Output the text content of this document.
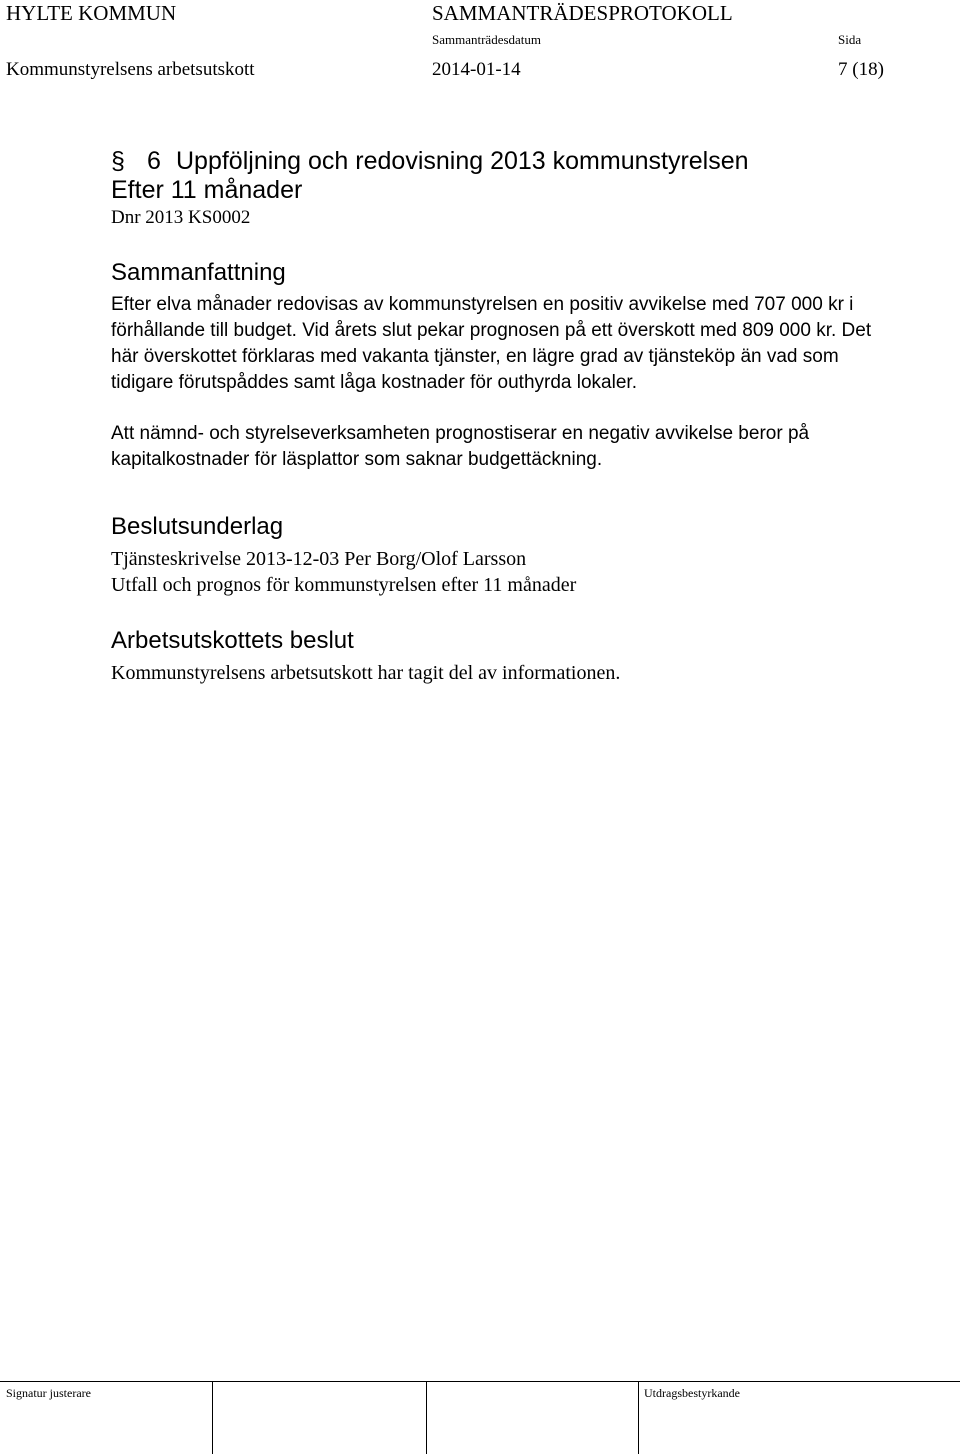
HYLTE KOMMUN	SAMMANTRÄDESPROTOKOLL
Sammanträdesdatum	Sida
Kommunstyrelsens arbetsutskott	2014-01-14	7 (18)
§ 6 Uppföljning och redovisning 2013 kommunstyrelsen
Efter 11 månader
Dnr 2013 KS0002
Sammanfattning
Efter elva månader redovisas av kommunstyrelsen en positiv avvikelse med 707 000 kr i
förhållande till budget. Vid årets slut pekar prognosen på ett överskott med 809 000 kr. Det
här överskottet förklaras med vakanta tjänster, en lägre grad av tjänsteköp än vad som
tidigare förutspåddes samt låga kostnader för outhyrda lokaler.
Att nämnd- och styrelseverksamheten prognostiserar en negativ avvikelse beror på
kapitalkostnader för läsplattor som saknar budgettäckning.
Beslutsunderlag
Tjänsteskrivelse 2013-12-03 Per Borg/Olof Larsson
Utfall och prognos för kommunstyrelsen efter 11 månader
Arbetsutskottets beslut
Kommunstyrelsens arbetsutskott har tagit del av informationen.
Signatur justerare	Utdragsbestyrkande
